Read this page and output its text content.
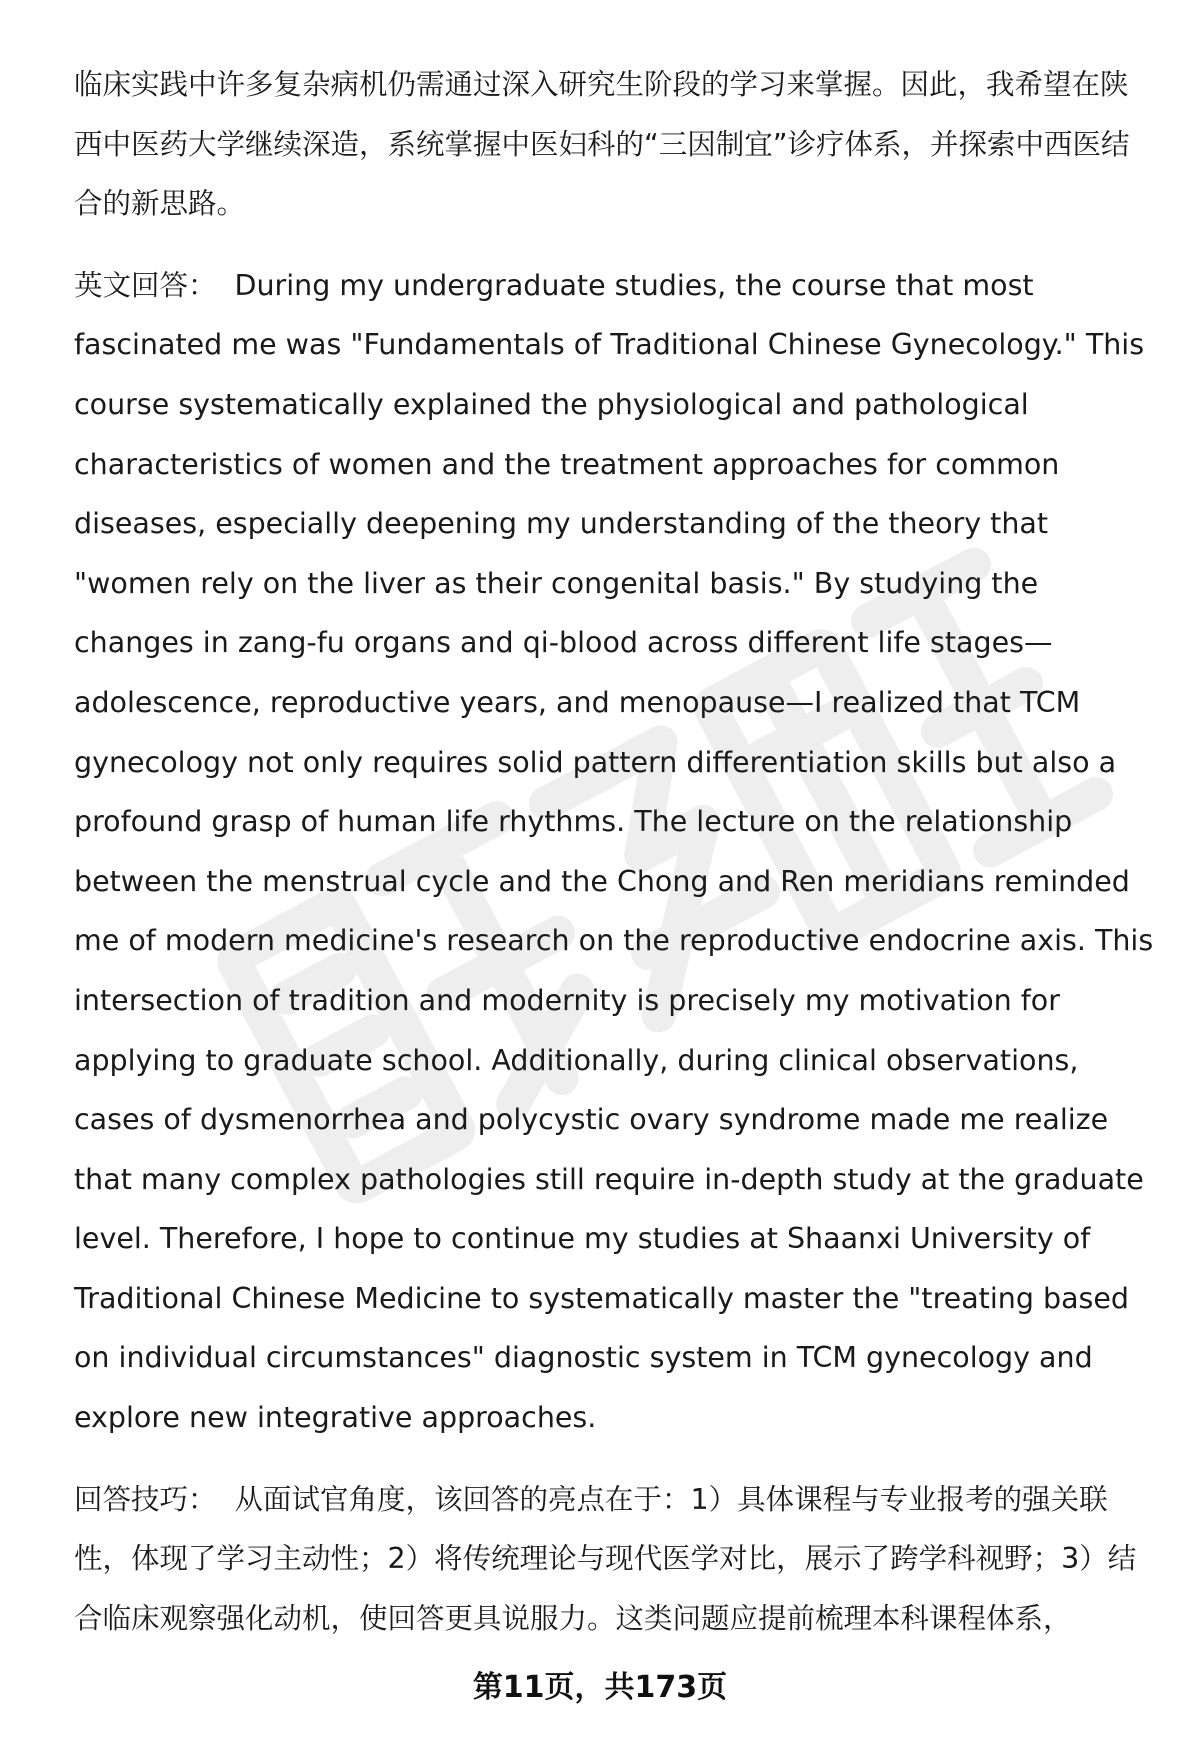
临床实践中许多复杂病机仍需通过深入研究生阶段的学习来掌握。因此，我希望在陕西中医药大学继续深造，系统掌握中医妇科的“三因制宜”诊疗体系，并探索中西医结合的新思路。

英文回答： During my undergraduate studies, the course that most fascinated me was "Fundamentals of Traditional Chinese Gynecology." This course systematically explained the physiological and pathological characteristics of women and the treatment approaches for common diseases, especially deepening my understanding of the theory that "women rely on the liver as their congenital basis." By studying the changes in zang-fu organs and qi-blood across different life stages—adolescence, reproductive years, and menopause—I realized that TCM gynecology not only requires solid pattern differentiation skills but also a profound grasp of human life rhythms. The lecture on the relationship between the menstrual cycle and the Chong and Ren meridians reminded me of modern medicine's research on the reproductive endocrine axis. This intersection of tradition and modernity is precisely my motivation for applying to graduate school. Additionally, during clinical observations, cases of dysmenorrhea and polycystic ovary syndrome made me realize that many complex pathologies still require in-depth study at the graduate level. Therefore, I hope to continue my studies at Shaanxi University of Traditional Chinese Medicine to systematically master the "treating based on individual circumstances" diagnostic system in TCM gynecology and explore new integrative approaches.

回答技巧： 从面试官角度，该回答的亮点在于：1）具体课程与专业报考的强关联性，体现了学习主动性；2）将传统理论与现代医学对比，展示了跨学科视野；3）结合临床观察强化动机，使回答更具说服力。这类问题应提前梳理本科课程体系，

第11页，共173页
